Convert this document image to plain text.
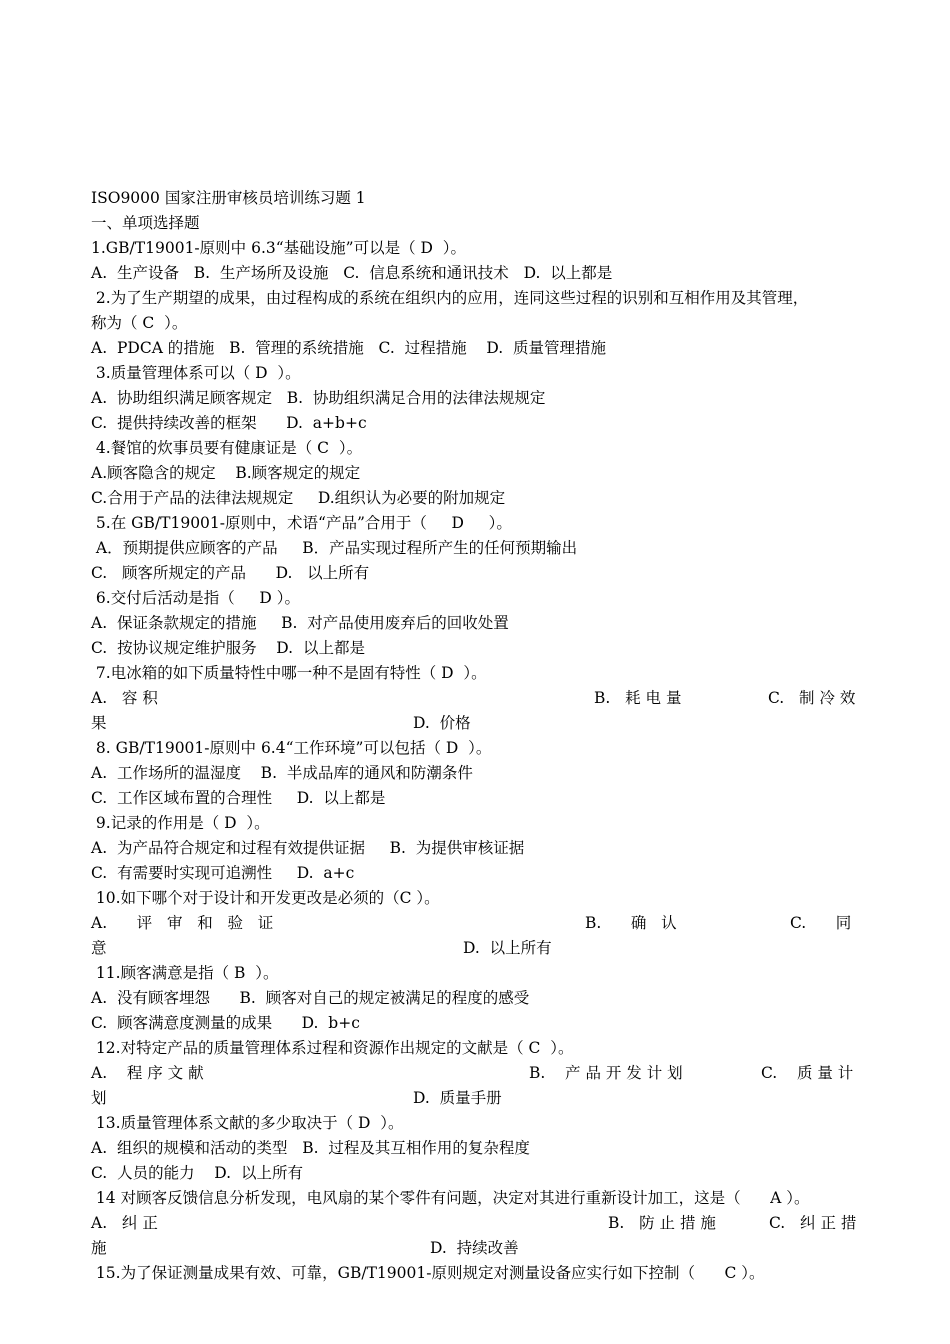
ISO9000 国家注册审核员培训练习题 1
一、单项选择题
1.GB/T19001-原则中 6.3“基础设施”可以是（ D  ）。
A.  生产设备   B.  生产场所及设施   C.  信息系统和通讯技术   D.  以上都是
2.为了生产期望的成果，由过程构成的系统在组织内的应用，连同这些过程的识别和互相作用及其管理，
称为（ C  ）。
A.  PDCA 的措施   B.  管理的系统措施   C.  过程措施    D.  质量管理措施
3.质量管理体系可以（ D  ）。
A.  协助组织满足顾客规定   B.  协助组织满足合用的法律法规规定
C.  提供持续改善的框架      D.  a+b+c
4.餐馆的炊事员要有健康证是（ C  ）。
A.顾客隐含的规定    B.顾客规定的规定
C.合用于产品的法律法规规定     D.组织认为必要的附加规定
5.在 GB/T19001-原则中，术语“产品”合用于（     D     ）。
A．预期提供应顾客的产品     B．产品实现过程所产生的任何预期输出
C.   顾客所规定的产品      D.   以上所有
6.交付后活动是指（     D ）。
A.  保证条款规定的措施     B.  对产品使用废弃后的回收处置
C.  按协议规定维护服务    D.  以上都是
7.电冰箱的如下质量特性中哪一种不是固有特性（ D  ）。
A.   容 积	B.   耗 电 量	C.   制 冷 效
果	D.  价格
8. GB/T19001-原则中 6.4“工作环境”可以包括（ D  ）。
A.  工作场所的温湿度    B.  半成品库的通风和防潮条件
C.  工作区域布置的合理性     D.  以上都是
9.记录的作用是（ D  ）。
A.  为产品符合规定和过程有效提供证据     B.  为提供审核证据
C.  有需要时实现可追溯性     D.  a+c
10.如下哪个对于设计和开发更改是必须的（C ）。
A.      评   审   和   验   证	B.      确   认	C.      同
意	D.  以上所有
11.顾客满意是指（ B  ）。
A.  没有顾客埋怨      B.  顾客对自己的规定被满足的程度的感受
C.  顾客满意度测量的成果      D.  b+c
12.对特定产品的质量管理体系过程和资源作出规定的文献是（ C  ）。
A.    程 序 文 献	B.    产 品 开 发 计 划	C.    质 量 计
划	D.  质量手册
13.质量管理体系文献的多少取决于（ D  ）。
A.  组织的规模和活动的类型   B.  过程及其互相作用的复杂程度
C.  人员的能力    D.  以上所有
14 对顾客反馈信息分析发现，电风扇的某个零件有问题，决定对其进行重新设计加工，这是（      A ）。
A.   纠 正	B.   防 止 措 施	C.   纠 正 措
施	D.  持续改善
15.为了保证测量成果有效、可靠，GB/T19001-原则规定对测量设备应实行如下控制（      C ）。
